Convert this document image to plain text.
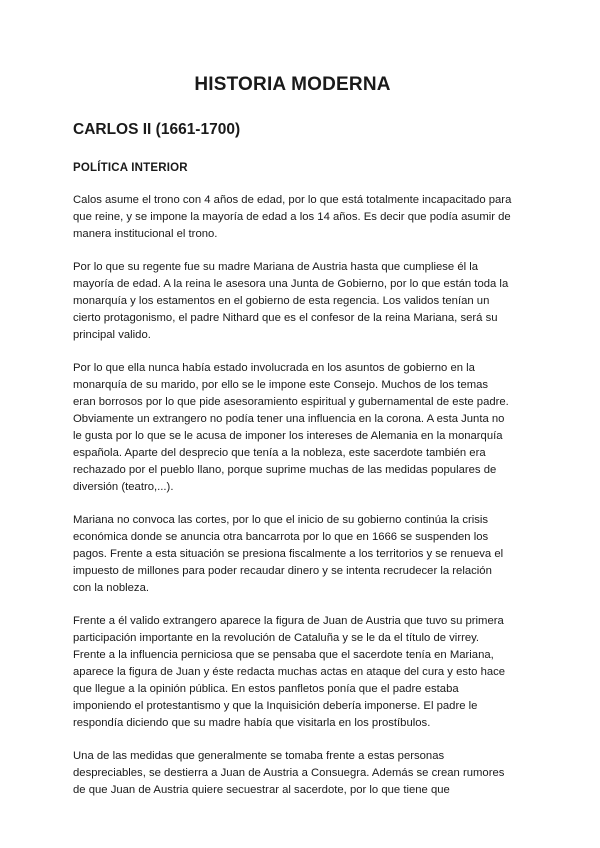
HISTORIA MODERNA
CARLOS II (1661-1700)
POLÍTICA INTERIOR

Calos asume el trono con 4 años de edad, por lo que está totalmente incapacitado para que reine, y se impone la mayoría de edad a los 14 años. Es decir que podía asumir de manera institucional el trono.

Por lo que su regente fue su madre Mariana de Austria hasta que cumpliese él la mayoría de edad. A la reina le asesora una Junta de Gobierno, por lo que están toda la monarquía y los estamentos en el gobierno de esta regencia. Los validos tenían un cierto protagonismo, el padre Nithard que es el confesor de la reina Mariana, será su principal valido.

Por lo que ella nunca había estado involucrada en los asuntos de gobierno en la monarquía de su marido, por ello se le impone este Consejo. Muchos de los temas eran borrosos por lo que pide asesoramiento espiritual y gubernamental de este padre. Obviamente un extrangero no podía tener una influencia en la corona. A esta Junta no le gusta por lo que se le acusa de imponer los intereses de Alemania en la monarquía española. Aparte del desprecio que tenía a la nobleza, este sacerdote también era rechazado por el pueblo llano, porque suprime muchas de las medidas populares de diversión (teatro,...).

Mariana no convoca las cortes, por lo que el inicio de su gobierno continúa la crisis económica donde se anuncia otra bancarrota por lo que en 1666 se suspenden los pagos. Frente a esta situación se presiona fiscalmente a los territorios y se renueva el impuesto de millones para poder recaudar dinero y se intenta recrudecer la relación con la nobleza.

Frente a él valido extrangero aparece la figura de Juan de Austria que tuvo su primera participación importante en la revolución de Cataluña y se le da el título de virrey. Frente a la influencia perniciosa que se pensaba que el sacerdote tenía en Mariana, aparece la figura de Juan y éste redacta muchas actas en ataque del cura y esto hace que llegue a la opinión pública. En estos panfletos ponía que el padre estaba imponiendo el protestantismo y que la Inquisición debería imponerse. El padre le respondía diciendo que su madre había que visitarla en los prostíbulos.

Una de las medidas que generalmente se tomaba frente a estas personas despreciables, se destierra a Juan de Austria a Consuegra. Además se crean rumores de que Juan de Austria quiere secuestrar al sacerdote, por lo que tiene que
